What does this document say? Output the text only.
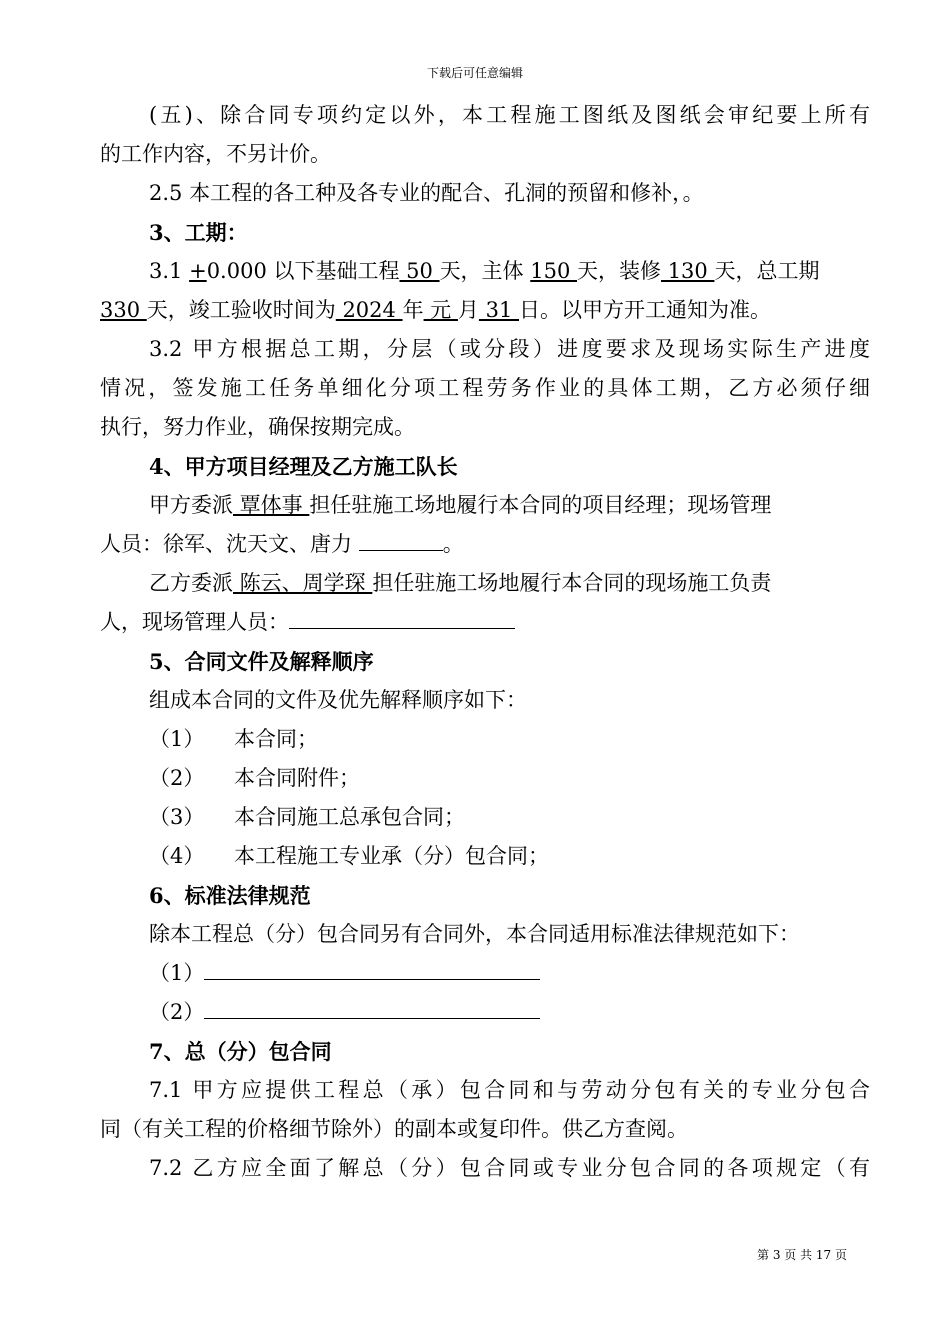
下载后可任意编辑
(五)、除合同专项约定以外，本工程施工图纸及图纸会审纪要上所有
的工作内容，不另计价。
2.5 本工程的各工种及各专业的配合、孔洞的预留和修补，。
3、工期：
3.1 +0.000 以下基础工程 50 天，主体 150 天，装修 130 天，总工期
330 天，竣工验收时间为 2024 年 元 月 31 日。以甲方开工通知为准。
3.2 甲方根据总工期，分层（或分段）进度要求及现场实际生产进度
情况，签发施工任务单细化分项工程劳务作业的具体工期，乙方必须仔细
执行，努力作业，确保按期完成。
4、甲方项目经理及乙方施工队长
甲方委派 覃体事 担任驻施工场地履行本合同的项目经理；现场管理
人员：徐军、沈天文、唐力	。
乙方委派 陈云、周学琛 担任驻施工场地履行本合同的现场施工负责
人，现场管理人员：
5、合同文件及解释顺序
组成本合同的文件及优先解释顺序如下：
（1） 本合同；
（2） 本合同附件；
（3） 本合同施工总承包合同；
（4） 本工程施工专业承（分）包合同；
6、标准法律规范
除本工程总（分）包合同另有合同外，本合同适用标准法律规范如下：
（1）
（2）
7、总（分）包合同
7.1 甲方应提供工程总（承）包合同和与劳动分包有关的专业分包合
同（有关工程的价格细节除外）的副本或复印件。供乙方查阅。
7.2 乙方应全面了解总（分）包合同或专业分包合同的各项规定（有
第 3 页 共 17 页
